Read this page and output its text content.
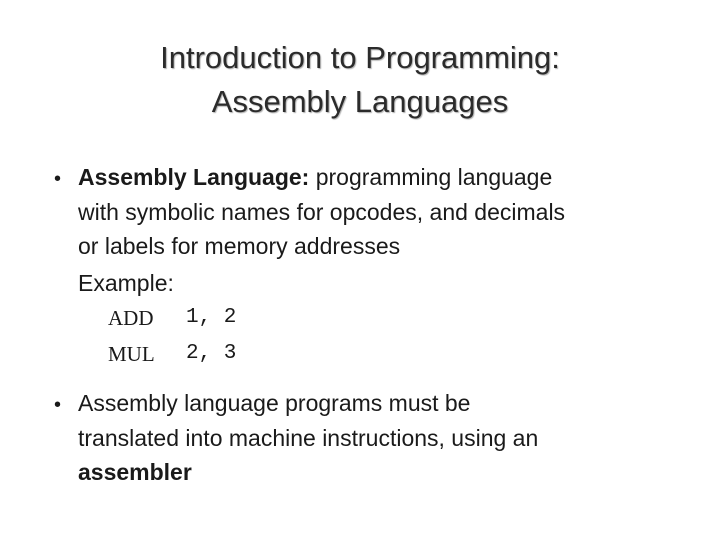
Introduction to Programming:
Assembly Languages
•
Assembly Language: programming language
with symbolic names for opcodes, and decimals
or labels for memory addresses
Example:
ADD	1, 2
MUL	2, 3
•
Assembly language programs must be
translated into machine instructions, using an
assembler
